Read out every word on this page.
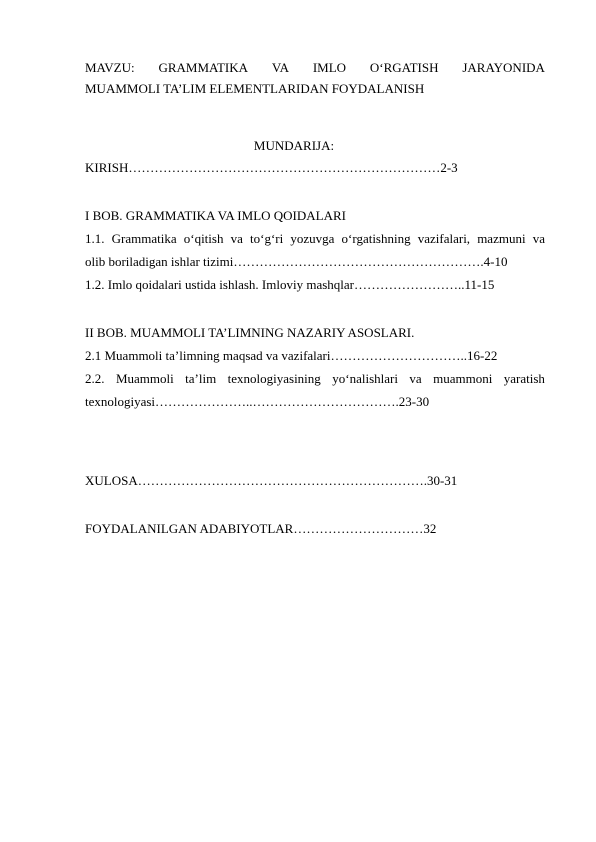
MAVZU: GRAMMATIKA VA IMLO O‘RGATISH JARAYONIDA
MUAMMOLI TA’LIM ELEMENTLARIDAN FOYDALANISH
MUNDARIJA:
KIRISH………………………………………………………………2-3
I BOB. GRAMMATIKA VA IMLO QOIDALARI
1.1. Grammatika o‘qitish va to‘g‘ri yozuvga o‘rgatishning vazifalari, mazmuni va
olib boriladigan ishlar tizimi………………………………………………….4-10
1.2. Imlo qoidalari ustida ishlash. Imloviy mashqlar……………………..11-15
II BOB. MUAMMOLI TA’LIMNING NAZARIY ASOSLARI.
2.1 Muammoli ta’limning maqsad va vazifalari…………………………..16-22
2.2. Muammoli ta’lim texnologiyasining yo‘nalishlari va muammoni yaratish
texnologiyasi…………………..…………………………….23-30
XULOSA………………………………………………………….30-31
FOYDALANILGAN ADABIYOTLAR…………………………32
